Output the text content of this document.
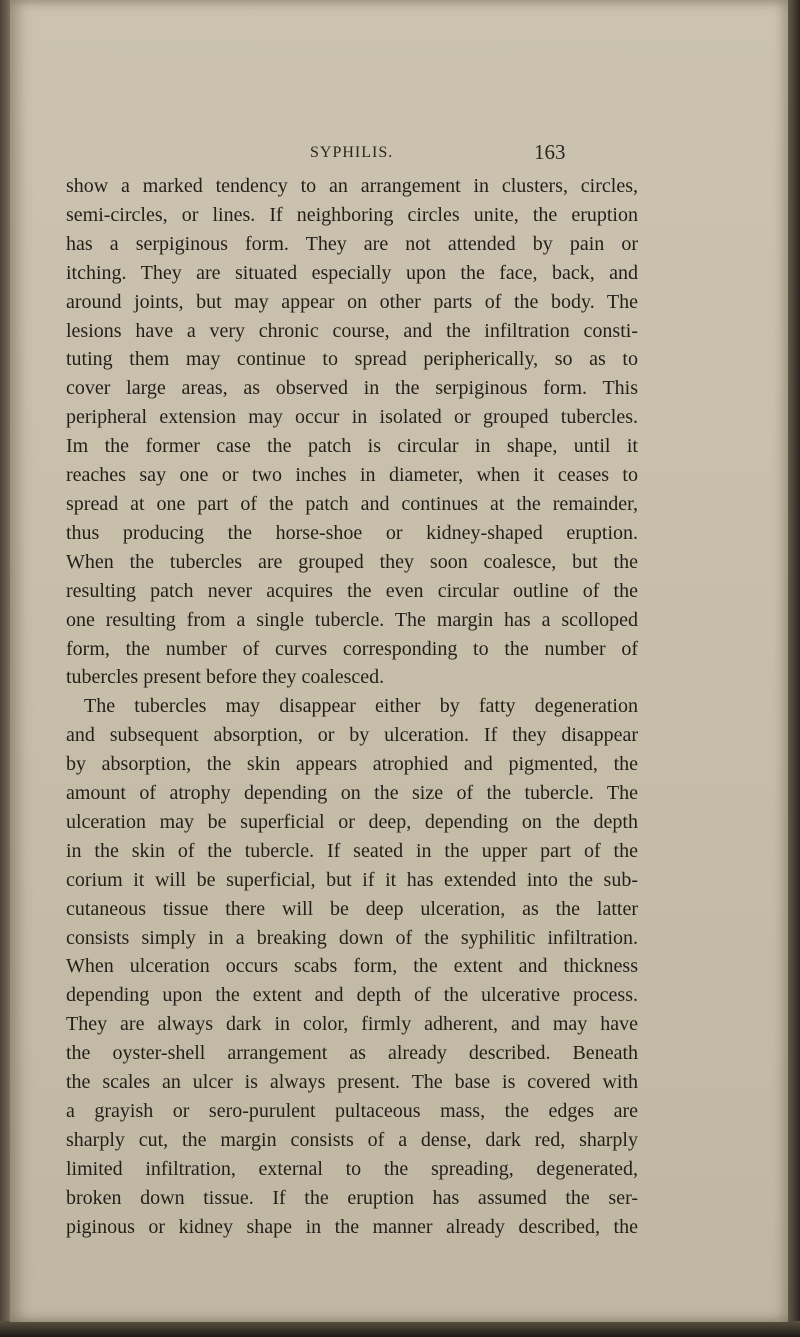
SYPHILIS.	163
show a marked tendency to an arrangement in clusters, circles,
semi-circles, or lines. If neighboring circles unite, the eruption
has a serpiginous form. They are not attended by pain or
itching. They are situated especially upon the face, back, and
around joints, but may appear on other parts of the body. The
lesions have a very chronic course, and the infiltration consti-
tuting them may continue to spread peripherically, so as to
cover large areas, as observed in the serpiginous form. This
peripheral extension may occur in isolated or grouped tubercles.
Im the former case the patch is circular in shape, until it
reaches say one or two inches in diameter, when it ceases to
spread at one part of the patch and continues at the remainder,
thus producing the horse-shoe or kidney-shaped eruption.
When the tubercles are grouped they soon coalesce, but the
resulting patch never acquires the even circular outline of the
one resulting from a single tubercle. The margin has a scolloped
form, the number of curves corresponding to the number of
tubercles present before they coalesced.
The tubercles may disappear either by fatty degeneration
and subsequent absorption, or by ulceration. If they disappear
by absorption, the skin appears atrophied and pigmented, the
amount of atrophy depending on the size of the tubercle. The
ulceration may be superficial or deep, depending on the depth
in the skin of the tubercle. If seated in the upper part of the
corium it will be superficial, but if it has extended into the sub-
cutaneous tissue there will be deep ulceration, as the latter
consists simply in a breaking down of the syphilitic infiltration.
When ulceration occurs scabs form, the extent and thickness
depending upon the extent and depth of the ulcerative process.
They are always dark in color, firmly adherent, and may have
the oyster-shell arrangement as already described. Beneath
the scales an ulcer is always present. The base is covered with
a grayish or sero-purulent pultaceous mass, the edges are
sharply cut, the margin consists of a dense, dark red, sharply
limited infiltration, external to the spreading, degenerated,
broken down tissue. If the eruption has assumed the ser-
piginous or kidney shape in the manner already described, the
